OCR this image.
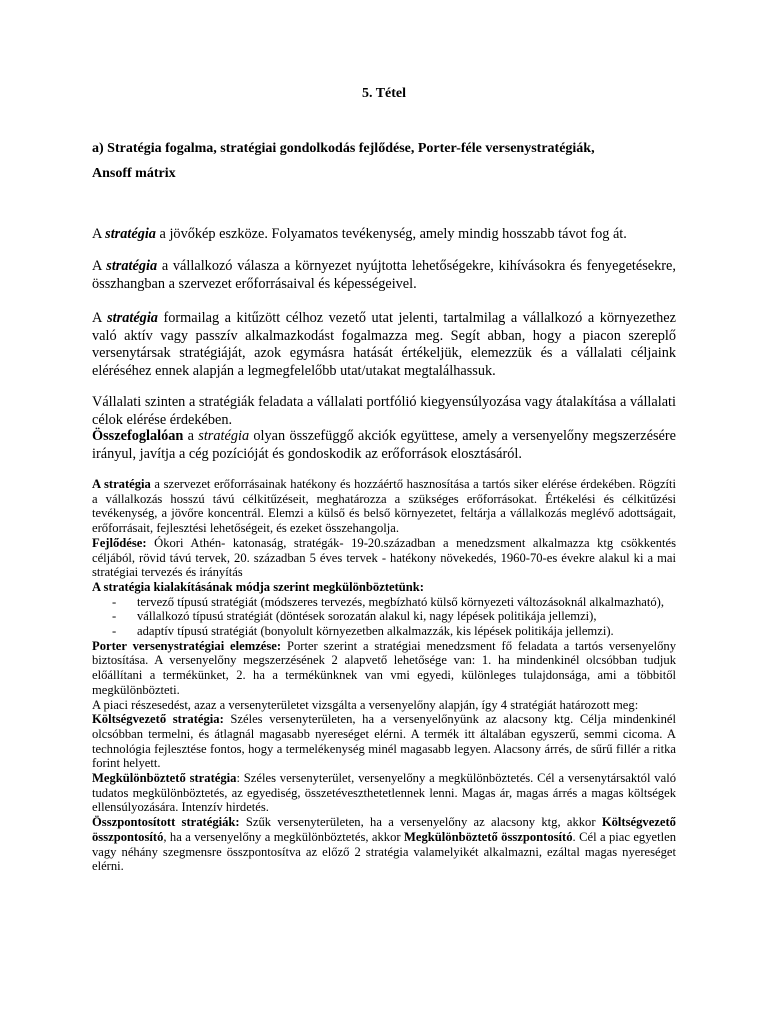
5. Tétel
a) Stratégia fogalma, stratégiai gondolkodás fejlődése, Porter-féle versenystratégiák,
Ansoff mátrix

A stratégia a jövőkép eszköze. Folyamatos tevékenység, amely mindig hosszabb távot fog át.

A stratégia a vállalkozó válasza a környezet nyújtotta lehetőségekre, kihívásokra és fenyegetésekre, összhangban a szervezet erőforrásaival és képességeivel.

A stratégia formailag a kitűzött célhoz vezető utat jelenti, tartalmilag a vállalkozó a környezethez való aktív vagy passzív alkalmazkodást fogalmazza meg. Segít abban, hogy a piacon szereplő versenytársak stratégiáját, azok egymásra hatását értékeljük, elemezzük és a vállalati céljaink eléréséhez ennek alapján a legmegfelelőbb utat/utakat megtalálhassuk.

Vállalati szinten a stratégiák feladata a vállalati portfólió kiegyensúlyozása vagy átalakítása a vállalati célok elérése érdekében.

Összefoglalóan a stratégia olyan összefüggő akciók együttese, amely a versenyelőny megszerzésére irányul, javítja a cég pozícióját és gondoskodik az erőforrások elosztásáról.

A stratégia a szervezet erőforrásainak hatékony és hozzáértő hasznosítása a tartós siker elérése érdekében. Rögzíti a vállalkozás hosszú távú célkitűzéseit, meghatározza a szükséges erőforrásokat. Értékelési és célkitűzési tevékenység, a jövőre koncentrál. Elemzi a külső és belső környezetet, feltárja a vállalkozás meglévő adottságait, erőforrásait, fejlesztési lehetőségeit, és ezeket összehangolja.

Fejlődése: Ókori Athén- katonaság, stratégák- 19-20.században a menedzsment alkalmazza ktg csökkentés céljából, rövid távú tervek, 20. században 5 éves tervek - hatékony növekedés, 1960-70-es évekre alakul ki a mai stratégiai tervezés és irányítás

A stratégia kialakításának módja szerint megkülönböztetünk:

- tervező típusú stratégiát (módszeres tervezés, megbízható külső környezeti változásoknál alkalmazható),
- vállalkozó típusú stratégiát (döntések sorozatán alakul ki, nagy lépések politikája jellemzi),
- adaptív típusú stratégiát (bonyolult környezetben alkalmazzák, kis lépések politikája jellemzi).

Porter versenystratégiai elemzése: Porter szerint a stratégiai menedzsment fő feladata a tartós versenyelőny biztosítása. A versenyelőny megszerzésének 2 alapvető lehetősége van: 1. ha mindenkinél olcsóbban tudjuk előállítani a termékünket, 2. ha a termékünknek van vmi egyedi, különleges tulajdonsága, ami a többitől megkülönbözteti.

A piaci részesedést, azaz a versenyterületet vizsgálta a versenyelőny alapján, így 4 stratégiát határozott meg:

Költségvezető stratégia: Széles versenyterületen, ha a versenyelőnyünk az alacsony ktg. Célja mindenkinél olcsóbban termelni, és átlagnál magasabb nyereséget elérni. A termék itt általában egyszerű, semmi cicoma. A technológia fejlesztése fontos, hogy a termelékenység minél magasabb legyen. Alacsony árrés, de sűrű fillér a ritka forint helyett.

Megkülönböztető stratégia: Széles versenyterület, versenyelőny a megkülönböztetés. Cél a versenytársaktól való tudatos megkülönböztetés, az egyediség, összetéveszthetetlennek lenni. Magas ár, magas árrés a magas költségek ellensúlyozására. Intenzív hirdetés.

Összpontosított stratégiák: Szűk versenyterületen, ha a versenyelőny az alacsony ktg, akkor Költségvezető összpontosító, ha a versenyelőny a megkülönböztetés, akkor Megkülönböztető összpontosító. Cél a piac egyetlen vagy néhány szegmensre összpontosítva az előző 2 stratégia valamelyikét alkalmazni, ezáltal magas nyereséget elérni.
